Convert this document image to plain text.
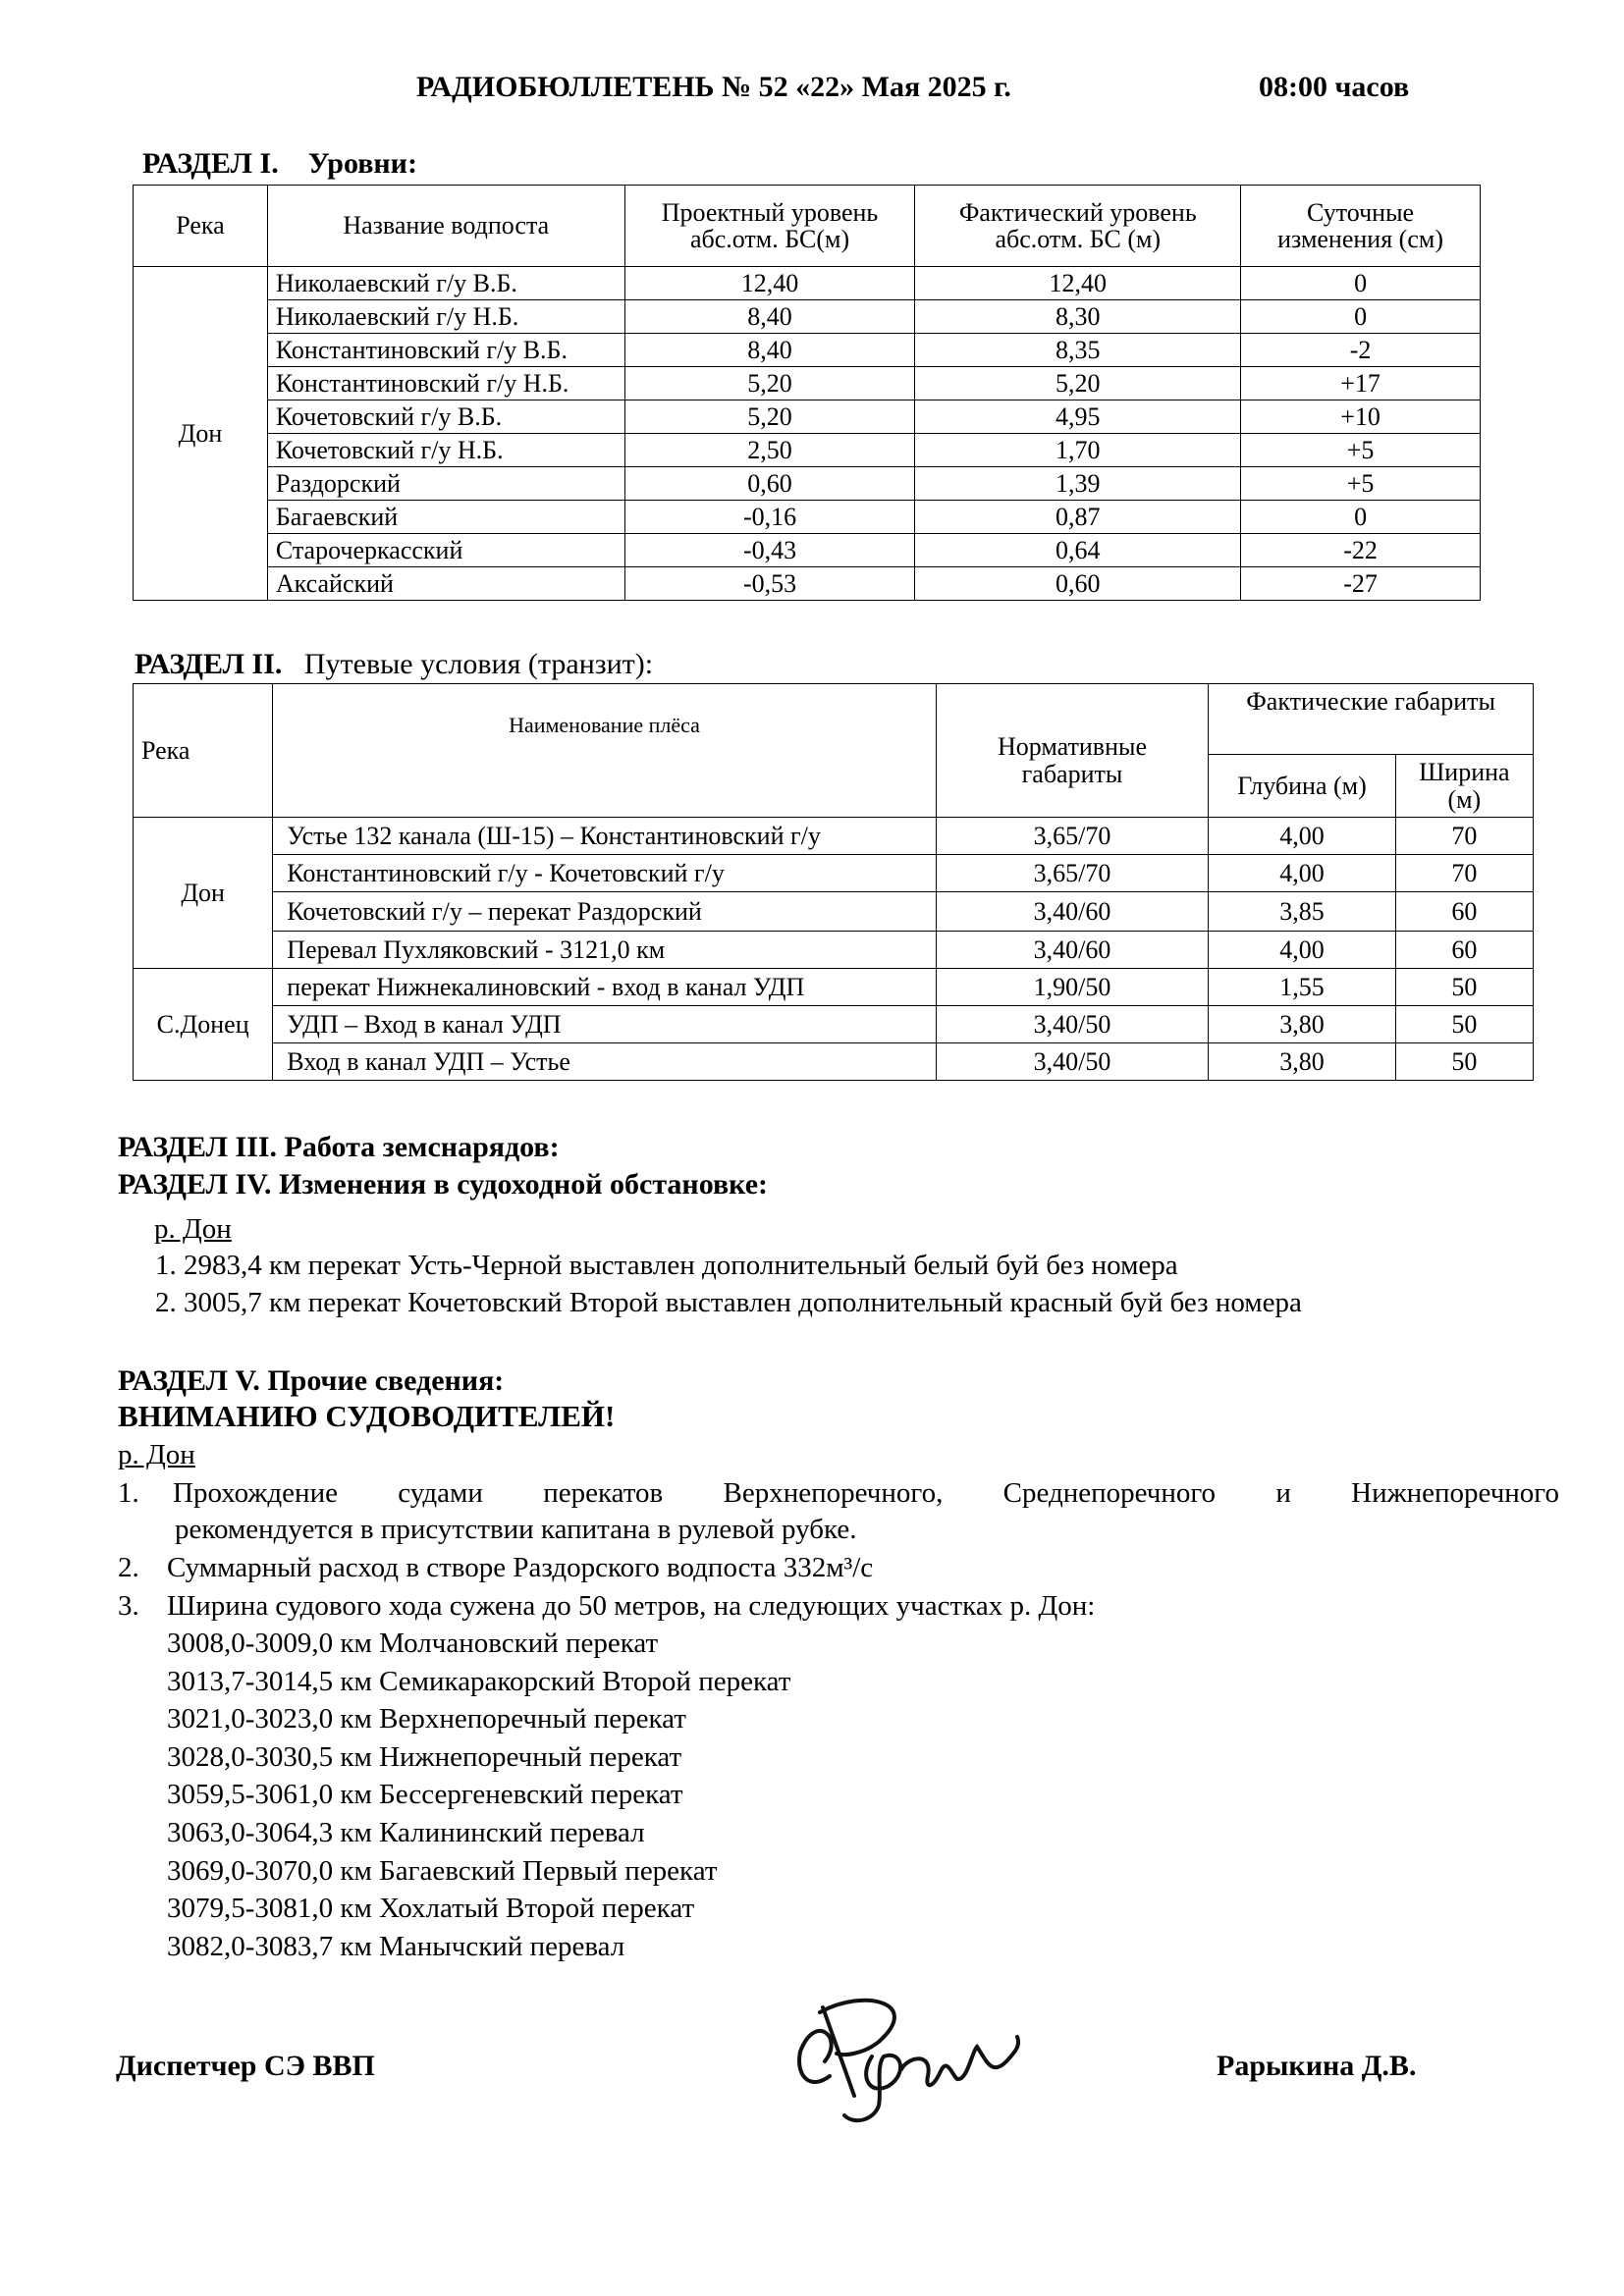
РАДИОБЮЛЛЕТЕНЬ № 52 «22» Мая 2025 г.	08:00 часов
РАЗДЕЛ I. Уровни:
Река	Название водпоста	Проектный уровень абс.отм. БС(м)	Фактический уровень абс.отм. БС (м)	Суточные изменения (см)
Дон	Николаевский г/у В.Б.	12,40	12,40	0
	Николаевский г/у Н.Б.	8,40	8,30	0
	Константиновский г/у В.Б.	8,40	8,35	-2
	Константиновский г/у Н.Б.	5,20	5,20	+17
	Кочетовский г/у В.Б.	5,20	4,95	+10
	Кочетовский г/у Н.Б.	2,50	1,70	+5
	Раздорский	0,60	1,39	+5
	Багаевский	-0,16	0,87	0
	Старочеркасский	-0,43	0,64	-22
	Аксайский	-0,53	0,60	-27
РАЗДЕЛ II. Путевые условия (транзит):
Река	Наименование плёса	Нормативные габариты	Фактические габариты	
			Глубина (м)	Ширина (м)
Дон	Устье 132 канала (Ш-15) – Константиновский г/у	3,65/70	4,00	70
	Константиновский г/у - Кочетовский г/у	3,65/70	4,00	70
	Кочетовский г/у – перекат Раздорский	3,40/60	3,85	60
	Перевал Пухляковский - 3121,0 км	3,40/60	4,00	60
С.Донец	перекат Нижнекалиновский - вход в канал УДП	1,90/50	1,55	50
	УДП – Вход в канал УДП	3,40/50	3,80	50
	Вход в канал УДП – Устье	3,40/50	3,80	50
РАЗДЕЛ III. Работа земснарядов:
РАЗДЕЛ IV. Изменения в судоходной обстановке:
р. Дон
1. 2983,4 км перекат Усть-Черной выставлен дополнительный белый буй без номера
2. 3005,7 км перекат Кочетовский Второй выставлен дополнительный красный буй без номера
РАЗДЕЛ V. Прочие сведения:
ВНИМАНИЮ СУДОВОДИТЕЛЕЙ!
р. Дон
1. Прохождение судами перекатов Верхнепоречного, Среднепоречного и Нижнепоречного
рекомендуется в присутствии капитана в рулевой рубке.
2. Суммарный расход в створе Раздорского водпоста 332м³/с
3. Ширина судового хода сужена до 50 метров, на следующих участках р. Дон:
3008,0-3009,0 км Молчановский перекат
3013,7-3014,5 км Семикаракорский Второй перекат
3021,0-3023,0 км Верхнепоречный перекат
3028,0-3030,5 км Нижнепоречный перекат
3059,5-3061,0 км Бессергеневский перекат
3063,0-3064,3 км Калининский перевал
3069,0-3070,0 км Багаевский Первый перекат
3079,5-3081,0 км Хохлатый Второй перекат
3082,0-3083,7 км Манычский перевал
Диспетчер СЭ ВВП	Рарыкина Д.В.
